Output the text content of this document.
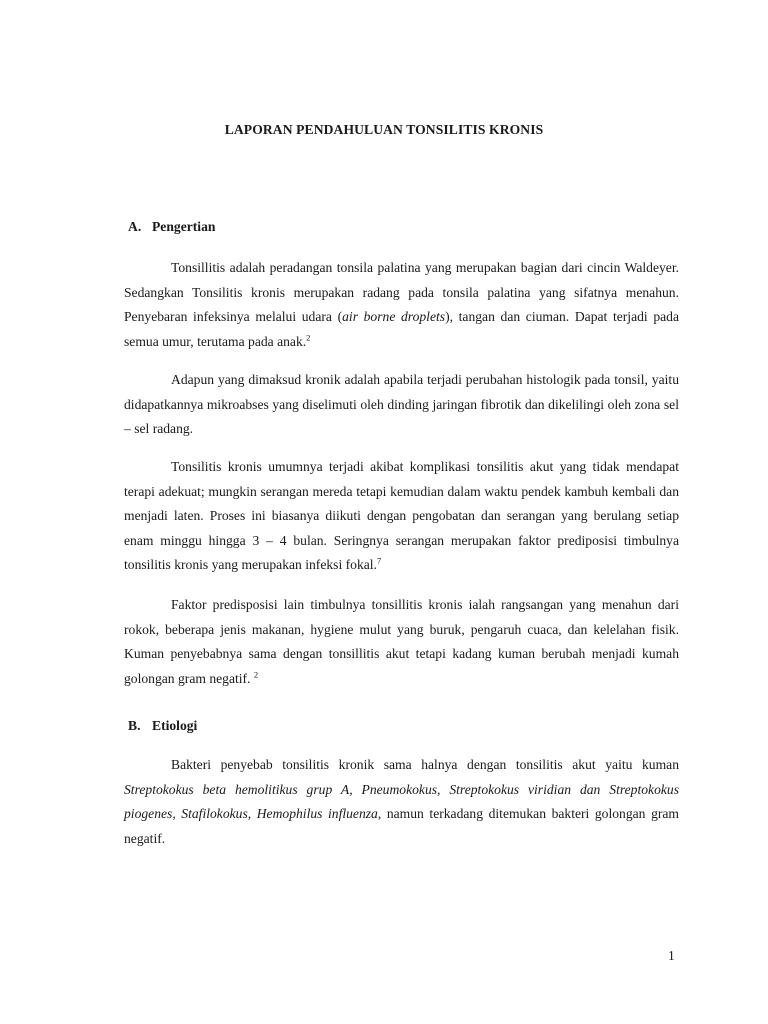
LAPORAN PENDAHULUAN TONSILITIS KRONIS
A. Pengertian

Tonsillitis adalah peradangan tonsila palatina yang merupakan bagian dari cincin Waldeyer. Sedangkan Tonsilitis kronis merupakan radang pada tonsila palatina yang sifatnya menahun. Penyebaran infeksinya melalui udara (air borne droplets), tangan dan ciuman. Dapat terjadi pada semua umur, terutama pada anak.$^2$

Adapun yang dimaksud kronik adalah apabila terjadi perubahan histologik pada tonsil, yaitu didapatkannya mikroabses yang diselimuti oleh dinding jaringan fibrotik dan dikelilingi oleh zona sel – sel radang.

Tonsilitis kronis umumnya terjadi akibat komplikasi tonsilitis akut yang tidak mendapat terapi adekuat; mungkin serangan mereda tetapi kemudian dalam waktu pendek kambuh kembali dan menjadi laten. Proses ini biasanya diikuti dengan pengobatan dan serangan yang berulang setiap enam minggu hingga 3 – 4 bulan. Seringnya serangan merupakan faktor prediposisi timbulnya tonsilitis kronis yang merupakan infeksi fokal.$^7$

Faktor predisposisi lain timbulnya tonsillitis kronis ialah rangsangan yang menahun dari rokok, beberapa jenis makanan, hygiene mulut yang buruk, pengaruh cuaca, dan kelelahan fisik. Kuman penyebabnya sama dengan tonsillitis akut tetapi kadang kuman berubah menjadi kumah golongan gram negatif. $^2$

B. Etiologi

Bakteri penyebab tonsilitis kronik sama halnya dengan tonsilitis akut yaitu kuman Streptokokus beta hemolitikus grup A, Pneumokokus, Streptokokus viridian dan Streptokokus piogenes, Stafilokokus, Hemophilus influenza, namun terkadang ditemukan bakteri golongan gram negatif.

1
